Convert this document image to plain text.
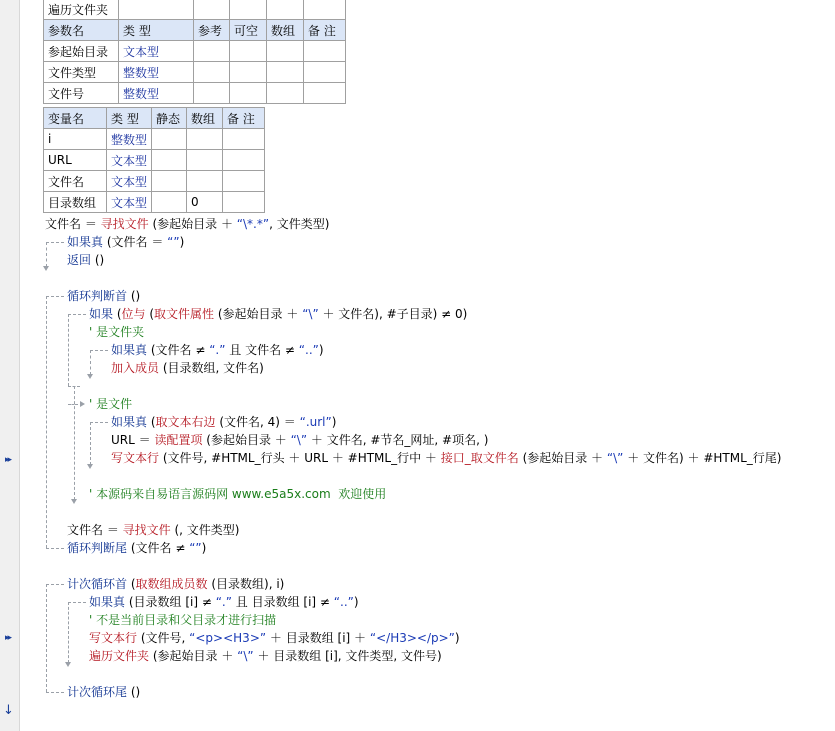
▸▸
▸▸
↓
遍历文件夹					
参数名	类 型	参考	可空	数组	备 注
参起始目录	文本型				
文件类型	整数型				
文件号	整数型				
变量名	类 型	静态	数组	备 注
i	整数型			
URL	文本型			
文件名	文本型			
目录数组	文本型		0	
文件名 ＝ 寻找文件 (参起始目录 ＋ “\*.*”, 文件类型)
如果真 (文件名 ＝ “”)
返回 ()
循环判断首 ()
如果 (位与 (取文件属性 (参起始目录 ＋ “\” ＋ 文件名), #子目录) ≠ 0)
' 是文件夹
如果真 (文件名 ≠ “.” 且 文件名 ≠ “..”)
加入成员 (目录数组, 文件名)
' 是文件
如果真 (取文本右边 (文件名, 4) ＝ “.url”)
URL ＝ 读配置项 (参起始目录 ＋ “\” ＋ 文件名, #节名_网址, #项名, )
写文本行 (文件号, #HTML_行头 ＋ URL ＋ #HTML_行中 ＋ 接口_取文件名 (参起始目录 ＋ “\” ＋ 文件名) ＋ #HTML_行尾)
' 本源码来自易语言源码网 www.e5a5x.com  欢迎使用
文件名 ＝ 寻找文件 (, 文件类型)
循环判断尾 (文件名 ≠ “”)
计次循环首 (取数组成员数 (目录数组), i)
如果真 (目录数组 [i] ≠ “.” 且 目录数组 [i] ≠ “..”)
' 不是当前目录和父目录才进行扫描
写文本行 (文件号, “<p><H3>” ＋ 目录数组 [i] ＋ “</H3></p>”)
遍历文件夹 (参起始目录 ＋ “\” ＋ 目录数组 [i], 文件类型, 文件号)
计次循环尾 ()
